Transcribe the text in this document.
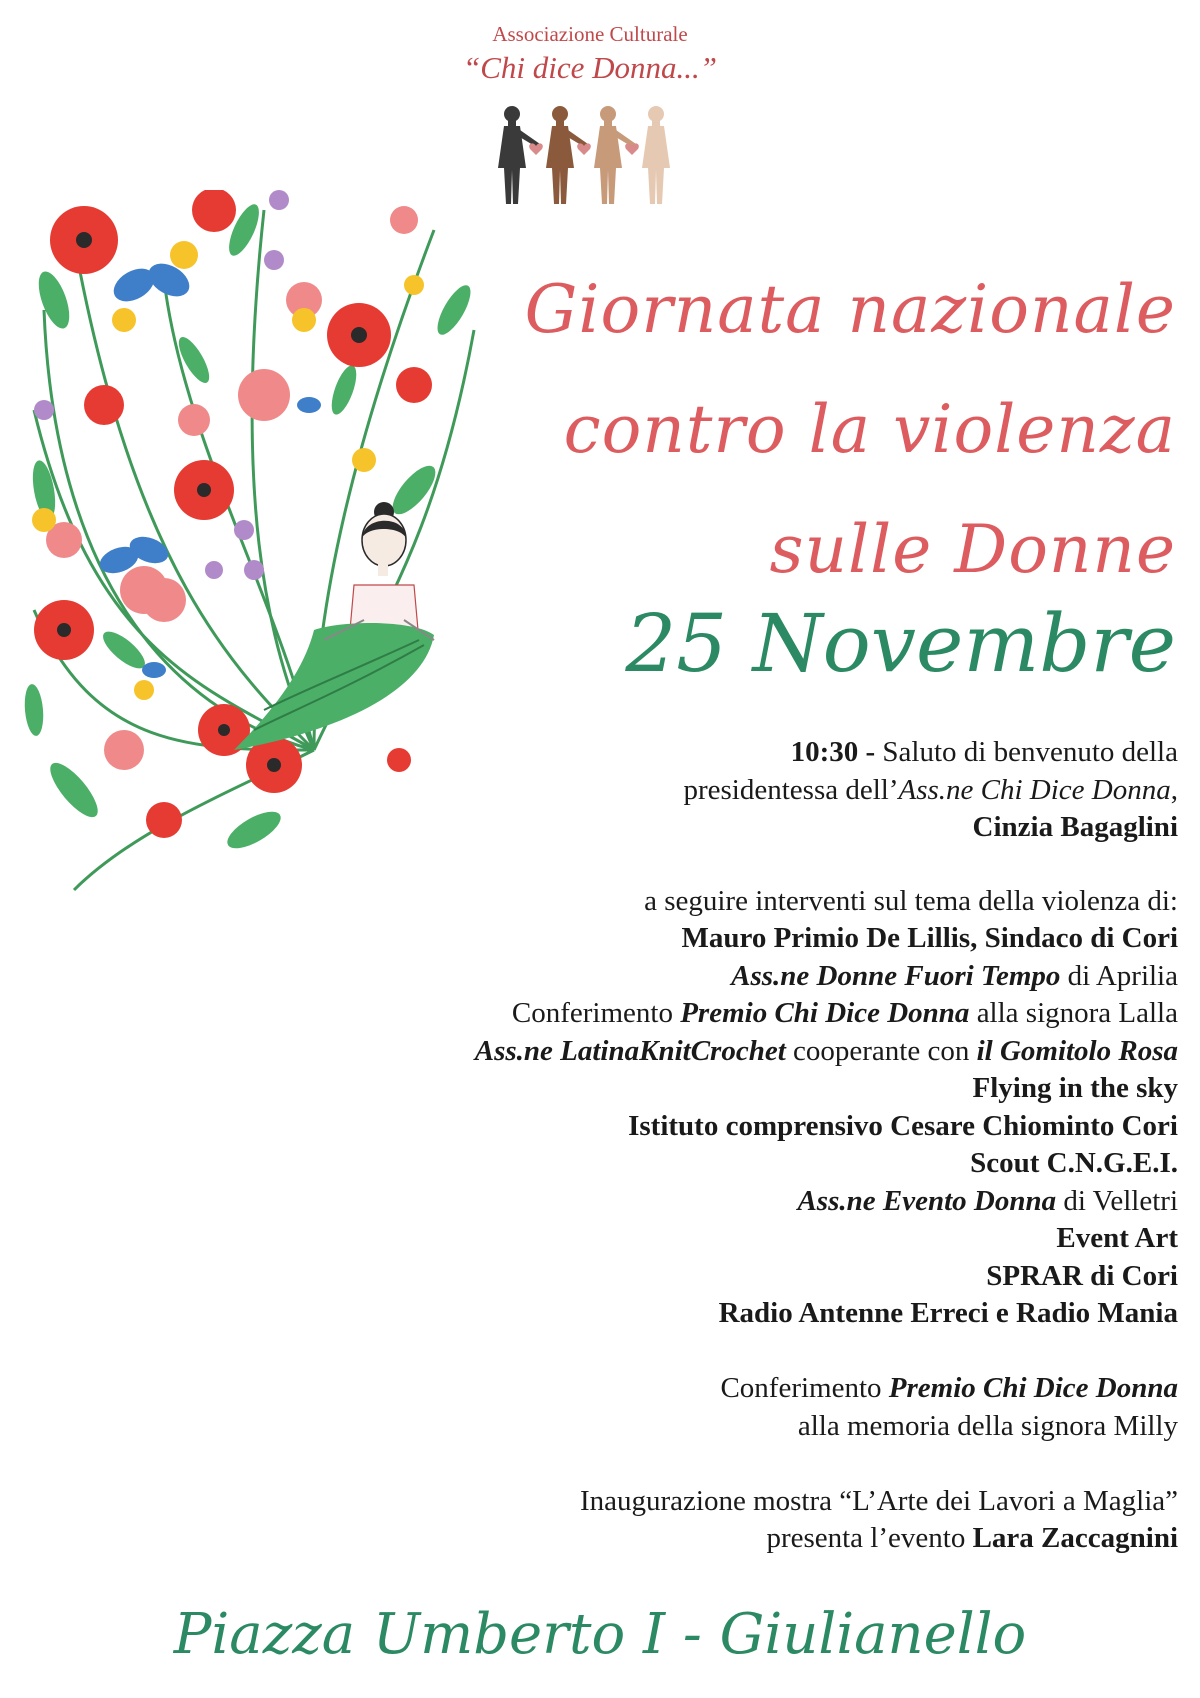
Associazione Culturale
“Chi dice Donna...”
Giornata nazionale
contro la violenza
sulle Donne
25 Novembre
10:30 - Saluto di benvenuto della
presidentessa dell’Ass.ne Chi Dice Donna,
Cinzia Bagaglini
a seguire interventi sul tema della violenza di:
Mauro Primio De Lillis, Sindaco di Cori
Ass.ne Donne Fuori Tempo di Aprilia
Conferimento Premio Chi Dice Donna alla signora Lalla
Ass.ne LatinaKnitCrochet cooperante con il Gomitolo Rosa
Flying in the sky
Istituto comprensivo Cesare Chiomintο Cori
Scout C.N.G.E.I.
Ass.ne Evento Donna di Velletri
Event Art
SPRAR di Cori
Radio Antenne Erreci e Radio Mania
Conferimento Premio Chi Dice Donna
alla memoria della signora Milly
Inaugurazione mostra “L’Arte dei Lavori a Maglia”
presenta l’evento Lara Zaccagnini
Piazza Umberto I - Giulianello
